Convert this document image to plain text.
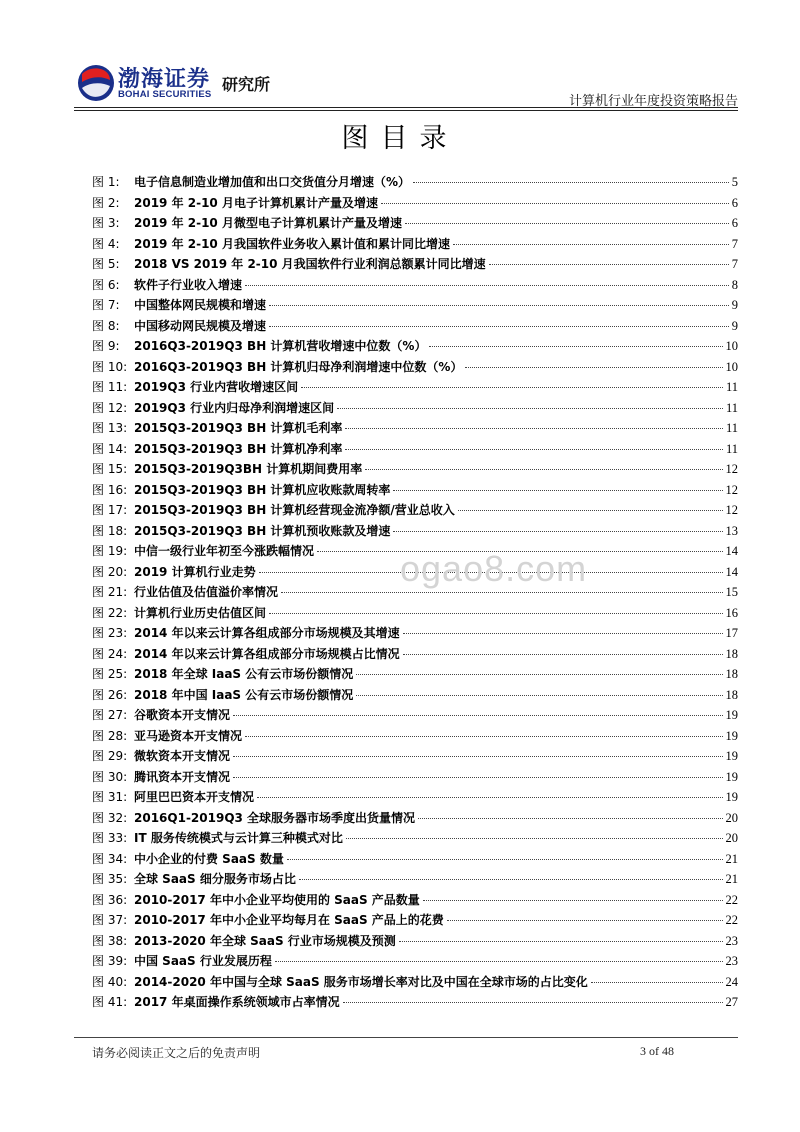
渤海证券
BOHAI SECURITIES
研究所
计算机行业年度投资策略报告
图目录
图 1:	电子信息制造业增加值和出口交货值分月增速（%）	5
图 2:	2019 年 2-10 月电子计算机累计产量及增速	6
图 3:	2019 年 2-10 月微型电子计算机累计产量及增速	6
图 4:	2019 年 2-10 月我国软件业务收入累计值和累计同比增速	7
图 5:	2018 VS 2019 年 2-10 月我国软件行业利润总额累计同比增速	7
图 6:	软件子行业收入增速	8
图 7:	中国整体网民规模和增速	9
图 8:	中国移动网民规模及增速	9
图 9:	2016Q3-2019Q3 BH 计算机营收增速中位数（%）	10
图 10: 2016Q3-2019Q3 BH 计算机归母净利润增速中位数（%）	10
图 11: 2019Q3 行业内营收增速区间	11
图 12: 2019Q3 行业内归母净利润增速区间	11
图 13: 2015Q3-2019Q3 BH 计算机毛利率	11
图 14: 2015Q3-2019Q3 BH 计算机净利率	11
图 15: 2015Q3-2019Q3BH 计算机期间费用率	12
图 16: 2015Q3-2019Q3 BH 计算机应收账款周转率	12
图 17: 2015Q3-2019Q3 BH 计算机经营现金流净额/营业总收入	12
图 18: 2015Q3-2019Q3 BH 计算机预收账款及增速	13
图 19: 中信一级行业年初至今涨跌幅情况	14
图 20: 2019 计算机行业走势	14
图 21: 行业估值及估值溢价率情况	15
图 22: 计算机行业历史估值区间	16
图 23: 2014 年以来云计算各组成部分市场规模及其增速	17
图 24: 2014 年以来云计算各组成部分市场规模占比情况	18
图 25: 2018 年全球 IaaS 公有云市场份额情况	18
图 26: 2018 年中国 IaaS 公有云市场份额情况	18
图 27: 谷歌资本开支情况	19
图 28: 亚马逊资本开支情况	19
图 29: 微软资本开支情况	19
图 30: 腾讯资本开支情况	19
图 31: 阿里巴巴资本开支情况	19
图 32: 2016Q1-2019Q3 全球服务器市场季度出货量情况	20
图 33: IT 服务传统模式与云计算三种模式对比	20
图 34: 中小企业的付费 SaaS 数量	21
图 35: 全球 SaaS 细分服务市场占比	21
图 36: 2010-2017 年中小企业平均使用的 SaaS 产品数量	22
图 37: 2010-2017 年中小企业平均每月在 SaaS 产品上的花费	22
图 38: 2013-2020 年全球 SaaS 行业市场规模及预测	23
图 39: 中国 SaaS 行业发展历程	23
图 40: 2014-2020 年中国与全球 SaaS 服务市场增长率对比及中国在全球市场的占比变化	24
图 41: 2017 年桌面操作系统领域市占率情况	27
ogao8.com
请务必阅读正文之后的免责声明	3 of 48
